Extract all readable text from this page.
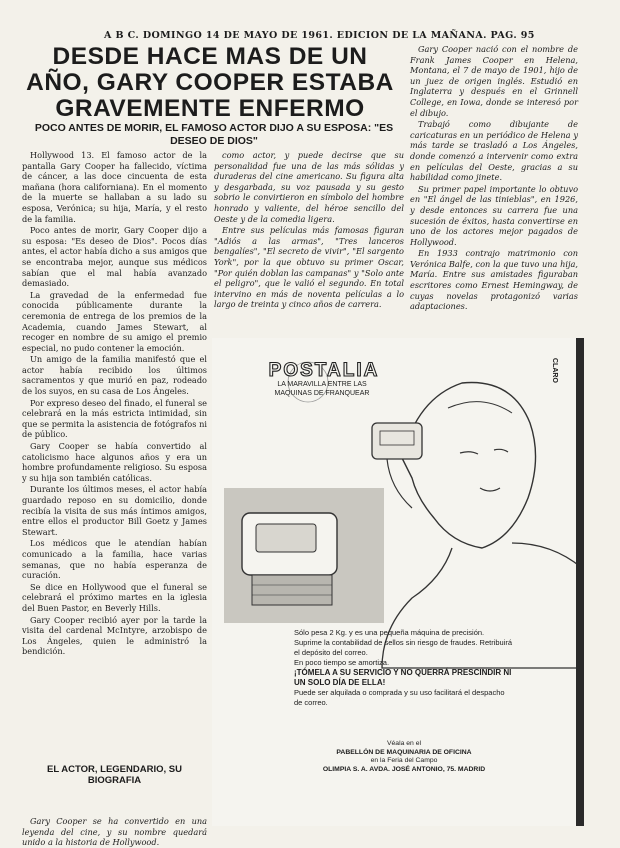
A B C. DOMINGO 14 DE MAYO DE 1961. EDICION DE LA MAÑANA. PAG. 95
DESDE HACE MAS DE UN AÑO, GARY COOPER ESTABA GRAVEMENTE ENFERMO
POCO ANTES DE MORIR, EL FAMOSO ACTOR DIJO A SU ESPOSA: "ES DESEO DE DIOS"

Hollywood 13. El famoso actor de la pantalla Gary Cooper ha fallecido, víctima de cáncer, a las doce cincuenta de esta mañana (hora californiana). En el momento de la muerte se hallaban a su lado su esposa, Verónica; su hija, María, y el resto de la familia.

Poco antes de morir, Gary Cooper dijo a su esposa: "Es deseo de Dios". Pocos días antes, el actor había dicho a sus amigos que se encontraba mejor, aunque sus médicos sabían que el mal había avanzado demasiado.

La gravedad de la enfermedad fue conocida públicamente durante la ceremonia de entrega de los premios de la Academia, cuando James Stewart, al recoger en nombre de su amigo el premio especial, no pudo contener la emoción.

Un amigo de la familia manifestó que el actor había recibido los últimos sacramentos y que murió en paz, rodeado de los suyos, en su casa de Los Ángeles.

Por expreso deseo del finado, el funeral se celebrará en la más estricta intimidad, sin que se permita la asistencia de fotógrafos ni de público.

Gary Cooper se había convertido al catolicismo hace algunos años y era un hombre profundamente religioso. Su esposa y su hija son también católicas.

Durante los últimos meses, el actor había guardado reposo en su domicilio, donde recibía la visita de sus más íntimos amigos, entre ellos el productor Bill Goetz y James Stewart.

Los médicos que le atendían habían comunicado a la familia, hace varias semanas, que no había esperanza de curación.

Se dice en Hollywood que el funeral se celebrará el próximo martes en la iglesia del Buen Pastor, en Beverly Hills.

Gary Cooper recibió ayer por la tarde la visita del cardenal McIntyre, arzobispo de Los Ángeles, quien le administró la bendición.

EL ACTOR, LEGENDARIO, SU BIOGRAFIA

Gary Cooper se ha convertido en una leyenda del cine, y su nombre quedará unido a la historia de Hollywood.

como actor, y puede decirse que su personalidad fue una de las más sólidas y duraderas del cine americano. Su figura alta y desgarbada, su voz pausada y su gesto sobrio le convirtieron en símbolo del hombre honrado y valiente, del héroe sencillo del Oeste y de la comedia ligera.

Entre sus películas más famosas figuran "Adiós a las armas", "Tres lanceros bengalíes", "El secreto de vivir", "El sargento York", por la que obtuvo su primer Oscar, "Por quién doblan las campanas" y "Solo ante el peligro", que le valió el segundo. En total intervino en más de noventa películas a lo largo de treinta y cinco años de carrera.

Gary Cooper nació con el nombre de Frank James Cooper en Helena, Montana, el 7 de mayo de 1901, hijo de un juez de origen inglés. Estudió en Inglaterra y después en el Grinnell College, en Iowa, donde se interesó por el dibujo.

Trabajó como dibujante de caricaturas en un periódico de Helena y más tarde se trasladó a Los Ángeles, donde comenzó a intervenir como extra en películas del Oeste, gracias a su habilidad como jinete.

Su primer papel importante lo obtuvo en "El ángel de las tinieblas", en 1926, y desde entonces su carrera fue una sucesión de éxitos, hasta convertirse en uno de los actores mejor pagados de Hollywood.

En 1933 contrajo matrimonio con Verónica Balfe, con la que tuvo una hija, María. Entre sus amistades figuraban escritores como Ernest Hemingway, de cuyas novelas protagonizó varias adaptaciones.

POSTALIA
LA MARAVILLA ENTRE LAS MAQUINAS DE FRANQUEAR
CLARO
Sólo pesa 2 Kg. y es una pequeña máquina de precisión.
Suprime la contabilidad de sellos sin riesgo de fraudes. Retribuirá el depósito del correo.
En poco tiempo se amortiza.
¡TÓMELA A SU SERVICIO Y NO QUERRÁ PRESCINDIR NI UN SOLO DÍA DE ELLA!
Puede ser alquilada o comprada y su uso facilitará el despacho de correo.
Véala en el
PABELLÓN DE MAQUINARIA DE OFICINA
en la Feria del Campo
OLIMPIA S. A. AVDA. JOSÉ ANTONIO, 75. MADRID
